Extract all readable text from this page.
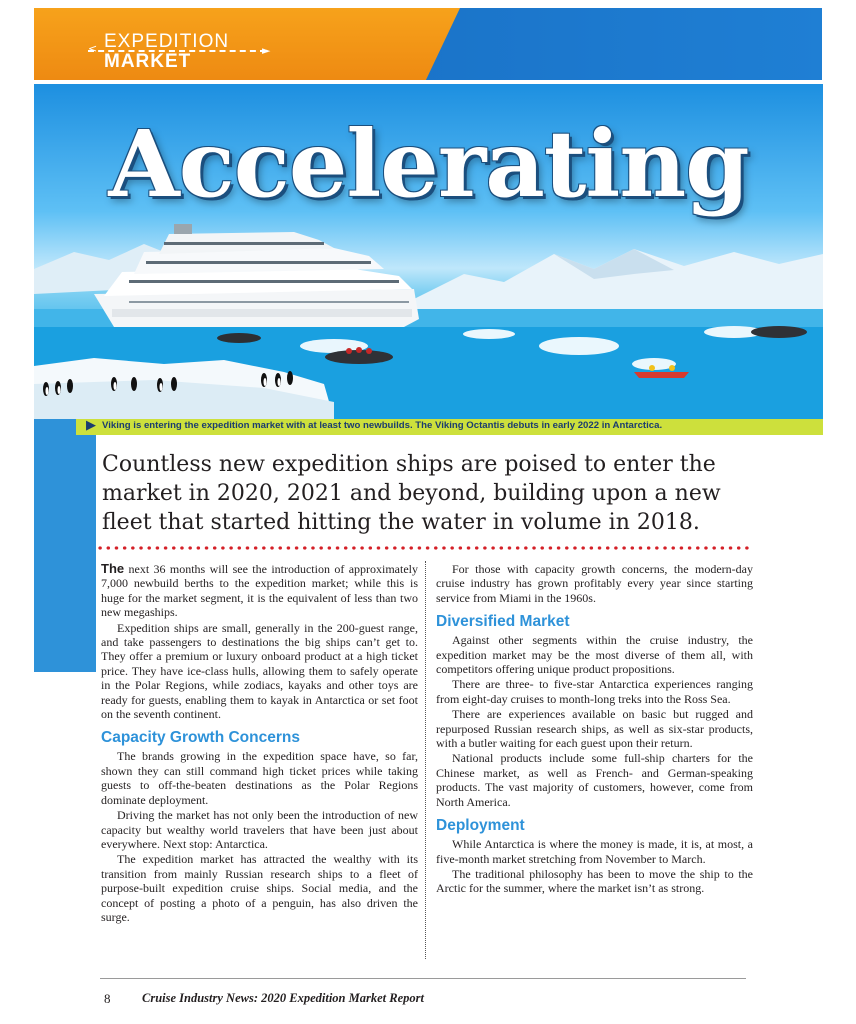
< EXPEDITION	►
MARKET
Accelerating
▶ Viking is entering the expedition market with at least two newbuilds. The Viking Octantis debuts in early 2022 in Antarctica.
Countless new expedition ships are poised to enter the market in 2020, 2021 and beyond, building upon a new fleet that started hitting the water in volume in 2018.

The next 36 months will see the introduction of approximately 7,000 newbuild berths to the expedition market; while this is huge for the market segment, it is the equivalent of less than two new megaships.

Expedition ships are small, generally in the 200-guest range, and take passengers to destinations the big ships can’t get to. They offer a premium or luxury onboard product at a high ticket price. They have ice-class hulls, allowing them to safely operate in the Polar Regions, while zodiacs, kayaks and other toys are ready for guests, enabling them to kayak in Antarctica or set foot on the seventh continent.

Capacity Growth Concerns

The brands growing in the expedition space have, so far, shown they can still command high ticket prices while taking guests to off-the-beaten destinations as the Polar Regions dominate deployment.

Driving the market has not only been the introduction of new capacity but wealthy world travelers that have been just about everywhere. Next stop: Antarctica.

The expedition market has attracted the wealthy with its transition from mainly Russian research ships to a fleet of purpose-built expedition cruise ships. Social media, and the concept of posting a photo of a penguin, has also driven the surge.

For those with capacity growth concerns, the modern-day cruise industry has grown profitably every year since starting service from Miami in the 1960s.

Diversified Market

Against other segments within the cruise industry, the expedition market may be the most diverse of them all, with competitors offering unique product propositions.

There are three- to five-star Antarctica experiences ranging from eight-day cruises to month-long treks into the Ross Sea.

There are experiences available on basic but rugged and repurposed Russian research ships, as well as six-star products, with a butler waiting for each guest upon their return.

National products include some full-ship charters for the Chinese market, as well as French- and German-speaking products. The vast majority of customers, however, come from North America.

Deployment

While Antarctica is where the money is made, it is, at most, a five-month market stretching from November to March.

The traditional philosophy has been to move the ship to the Arctic for the summer, where the market isn’t as strong.

8	Cruise Industry News: 2020 Expedition Market Report
